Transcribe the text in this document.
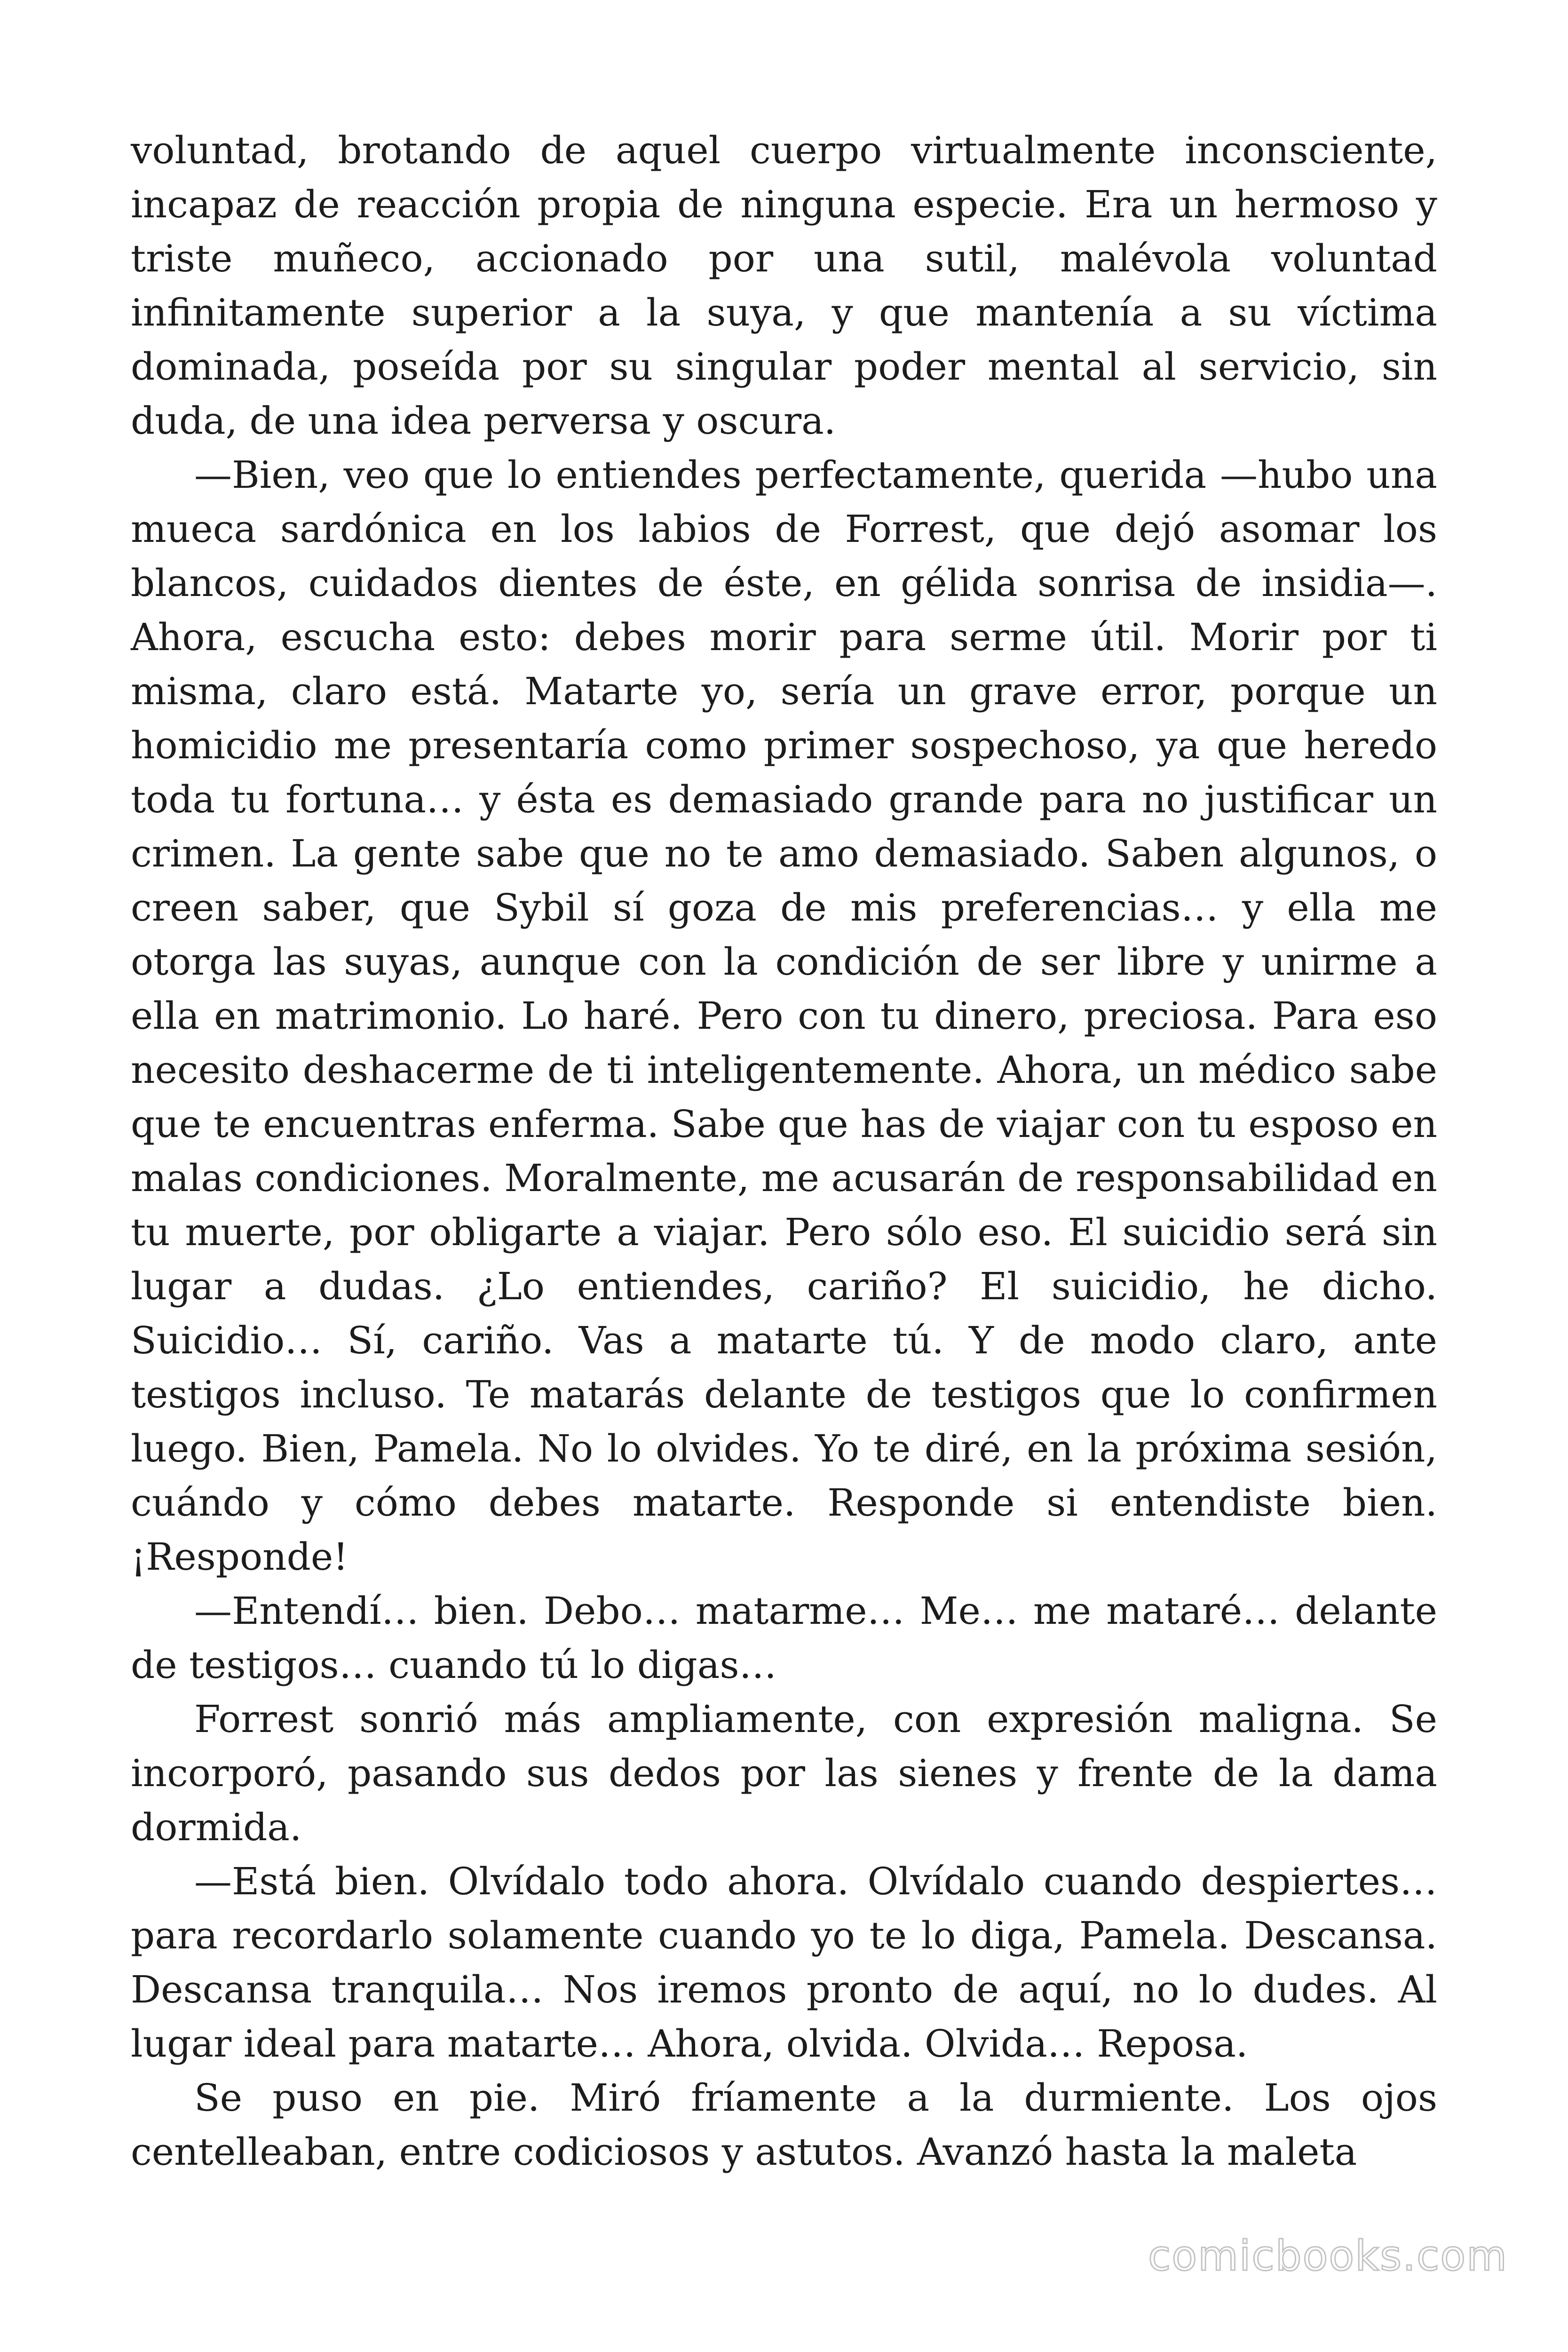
voluntad, brotando de aquel cuerpo virtualmente inconsciente, incapaz de reacción propia de ninguna especie. Era un hermoso y triste muñeco, accionado por una sutil, malévola voluntad infinitamente superior a la suya, y que mantenía a su víctima dominada, poseída por su singular poder mental al servicio, sin duda, de una idea perversa y oscura.

—Bien, veo que lo entiendes perfectamente, querida —hubo una mueca sardónica en los labios de Forrest, que dejó asomar los blancos, cuidados dientes de éste, en gélida sonrisa de insidia—. Ahora, escucha esto: debes morir para serme útil. Morir por ti misma, claro está. Matarte yo, sería un grave error, porque un homicidio me presentaría como primer sospechoso, ya que heredo toda tu fortuna… y ésta es demasiado grande para no justificar un crimen. La gente sabe que no te amo demasiado. Saben algunos, o creen saber, que Sybil sí goza de mis preferencias… y ella me otorga las suyas, aunque con la condición de ser libre y unirme a ella en matrimonio. Lo haré. Pero con tu dinero, preciosa. Para eso necesito deshacerme de ti inteligentemente. Ahora, un médico sabe que te encuentras enferma. Sabe que has de viajar con tu esposo en malas condiciones. Moralmente, me acusarán de responsabilidad en tu muerte, por obligarte a viajar. Pero sólo eso. El suicidio será sin lugar a dudas. ¿Lo entiendes, cariño? El suicidio, he dicho. Suicidio… Sí, cariño. Vas a matarte tú. Y de modo claro, ante testigos incluso. Te matarás delante de testigos que lo confirmen luego. Bien, Pamela. No lo olvides. Yo te diré, en la próxima sesión, cuándo y cómo debes matarte. Responde si entendiste bien. ¡Responde!

—Entendí… bien. Debo… matarme… Me… me mataré… delante de testigos… cuando tú lo digas…

Forrest sonrió más ampliamente, con expresión maligna. Se incorporó, pasando sus dedos por las sienes y frente de la dama dormida.

—Está bien. Olvídalo todo ahora. Olvídalo cuando despiertes… para recordarlo solamente cuando yo te lo diga, Pamela. Descansa. Descansa tranquila… Nos iremos pronto de aquí, no lo dudes. Al lugar ideal para matarte… Ahora, olvida. Olvida… Reposa.

Se puso en pie. Miró fríamente a la durmiente. Los ojos centelleaban, entre codiciosos y astutos. Avanzó hasta la maleta

comicbooks.com
